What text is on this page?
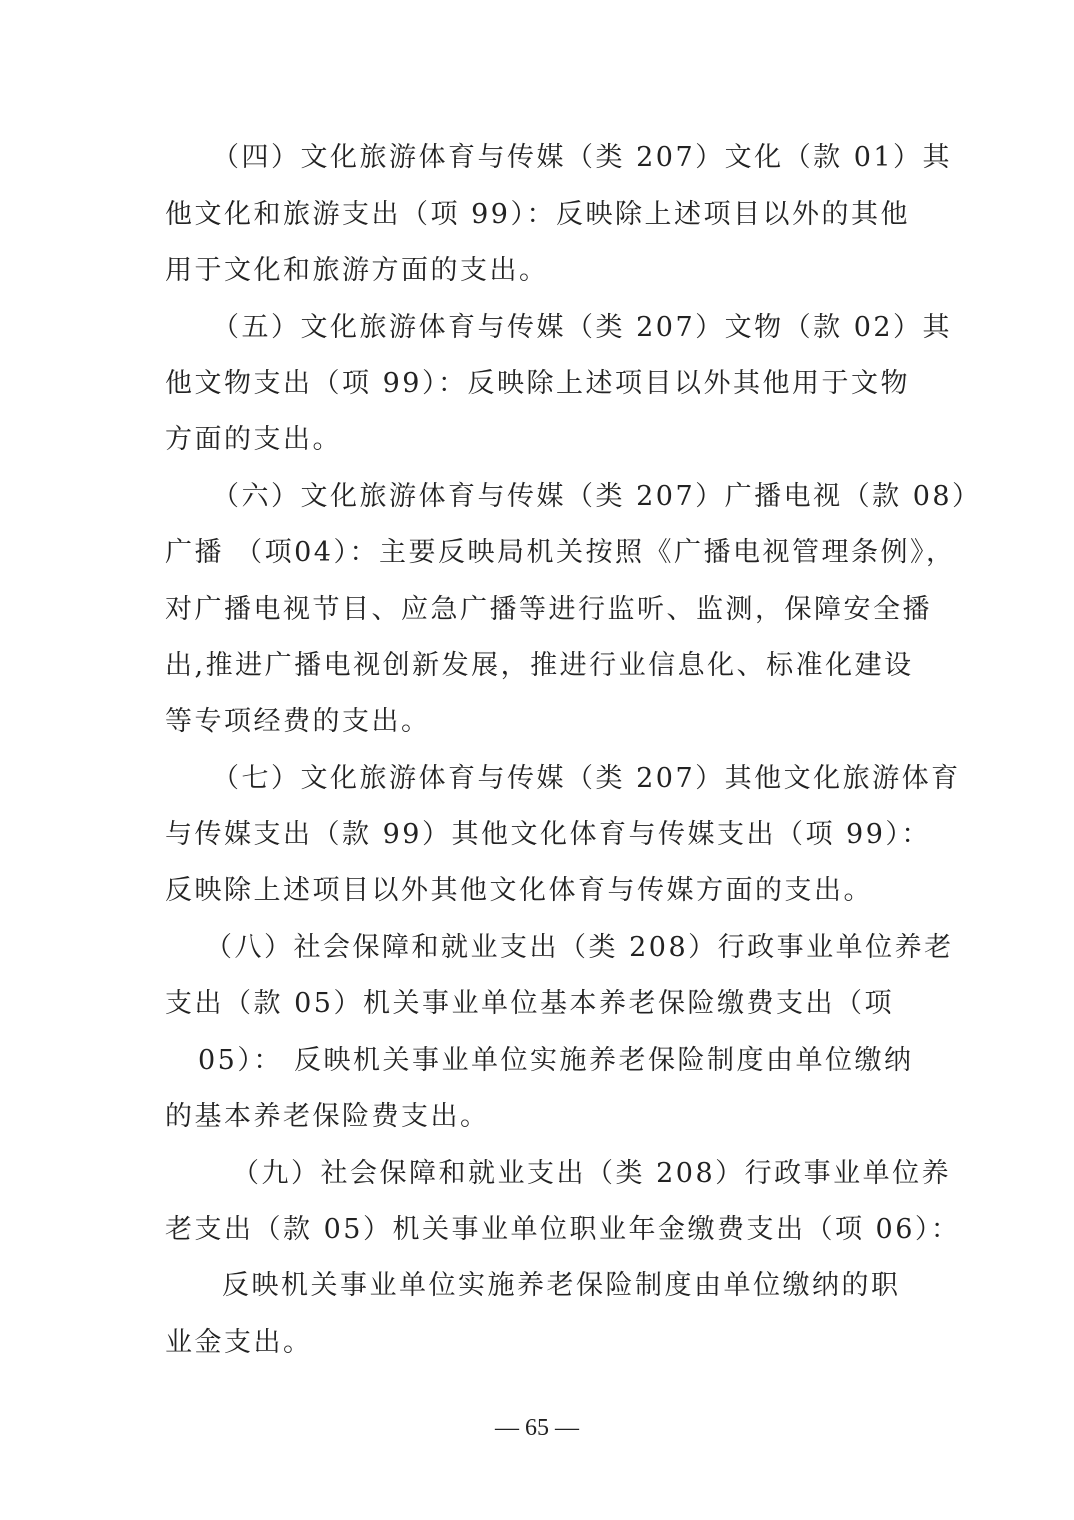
（四）文化旅游体育与传媒（类 207）文化（款 01）其
他文化和旅游支出（项 99）：反映除上述项目以外的其他
用于文化和旅游方面的支出。
（五）文化旅游体育与传媒（类 207）文物（款 02）其
他文物支出（项 99）：反映除上述项目以外其他用于文物
方面的支出。
（六）文化旅游体育与传媒（类 207）广播电视（款 08）
广播 （项04）：主要反映局机关按照《广播电视管理条例》，
对广播电视节目、应急广播等进行监听、监测，保障安全播
出,推进广播电视创新发展，推进行业信息化、标准化建设
等专项经费的支出。
（七）文化旅游体育与传媒（类 207）其他文化旅游体育
与传媒支出（款 99）其他文化体育与传媒支出（项 99）：
反映除上述项目以外其他文化体育与传媒方面的支出。
（八）社会保障和就业支出（类 208）行政事业单位养老
支出（款 05）机关事业单位基本养老保险缴费支出（项
05）： 反映机关事业单位实施养老保险制度由单位缴纳
的基本养老保险费支出。
（九）社会保障和就业支出（类 208）行政事业单位养
老支出（款 05）机关事业单位职业年金缴费支出（项 06）：
反映机关事业单位实施养老保险制度由单位缴纳的职
业金支出。
— 65 —
